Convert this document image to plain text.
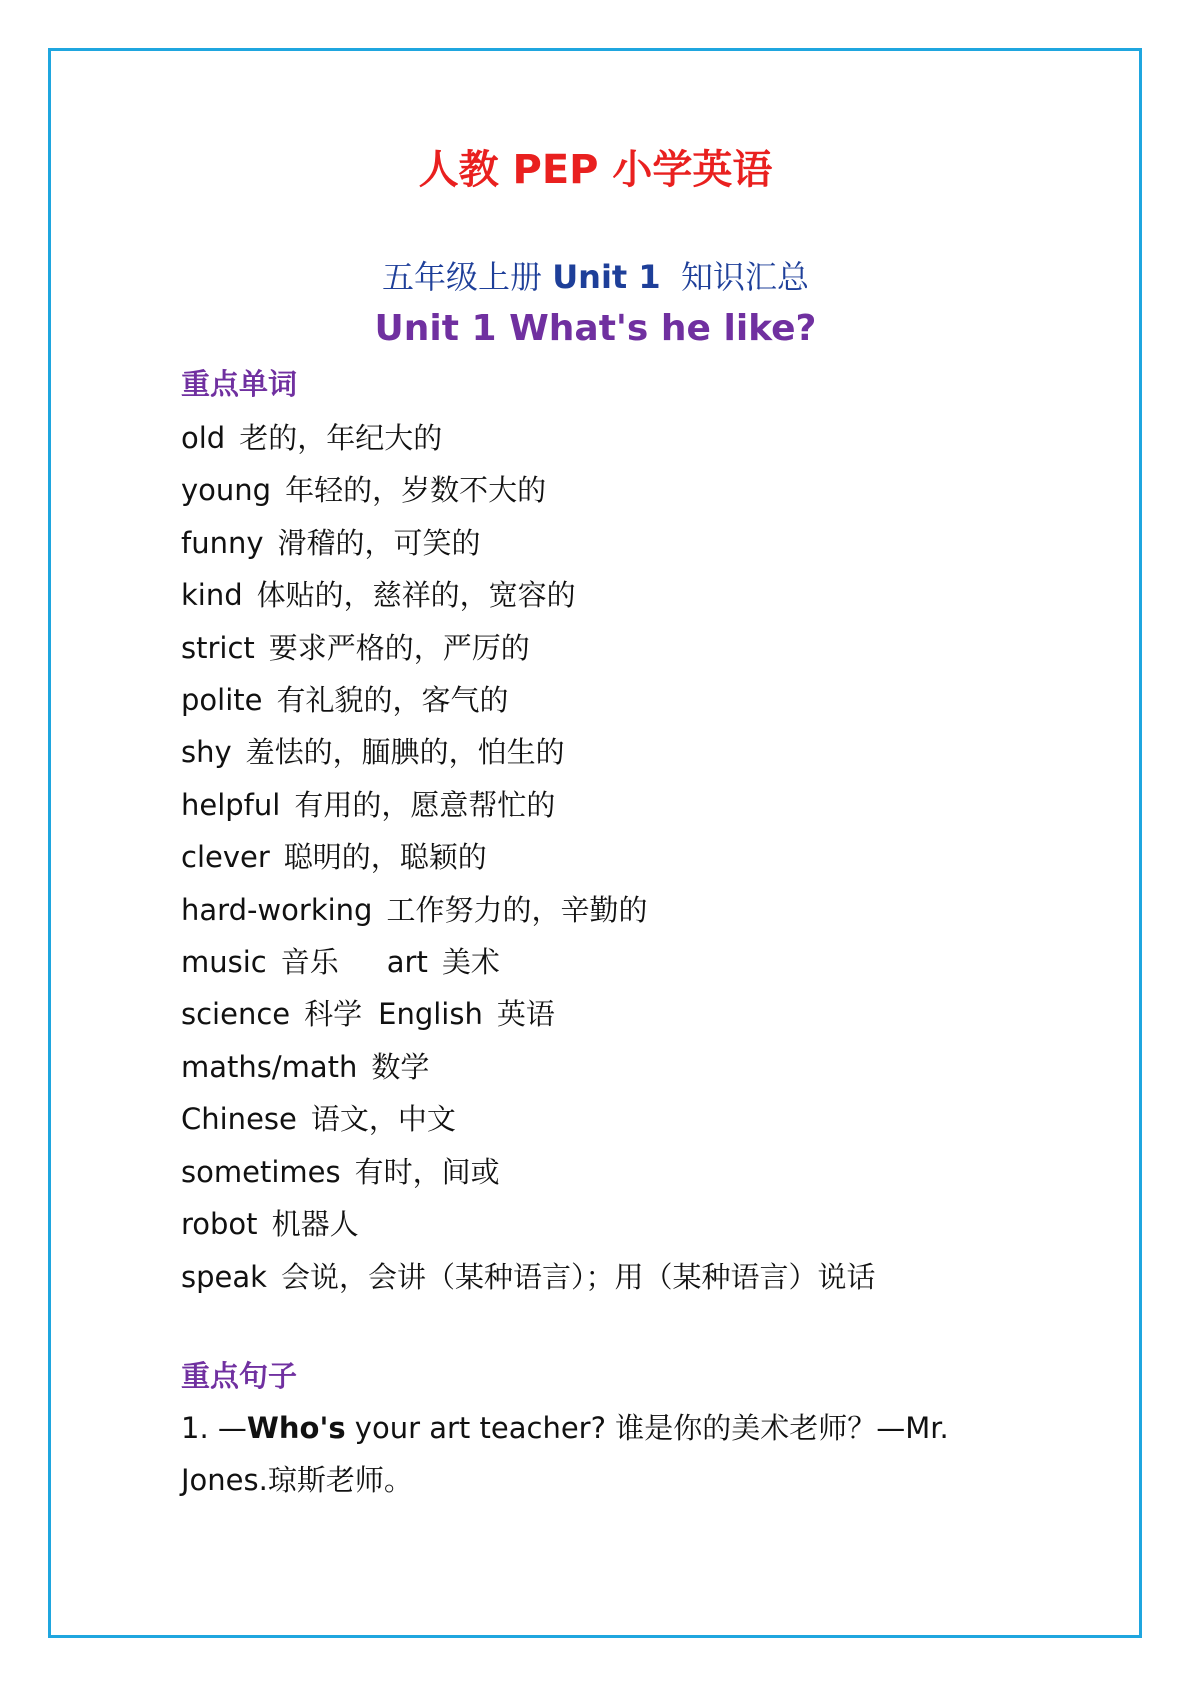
人教 PEP 小学英语
五年级上册 Unit 1  知识汇总
Unit 1 What's he like?
重点单词
old 老的，年纪大的
young 年轻的，岁数不大的
funny 滑稽的，可笑的
kind 体贴的，慈祥的，宽容的
strict 要求严格的，严厉的
polite 有礼貌的，客气的
shy 羞怯的，腼腆的，怕生的
helpful 有用的，愿意帮忙的
clever 聪明的，聪颖的
hard-working 工作努力的，辛勤的
music 音乐 art 美术
science 科学 English 英语
maths/math 数学
Chinese 语文，中文
sometimes 有时，间或
robot 机器人
speak 会说，会讲（某种语言）；用（某种语言）说话
重点句子
1. —Who's your art teacher? 谁是你的美术老师？—Mr. Jones.琼斯老师。
